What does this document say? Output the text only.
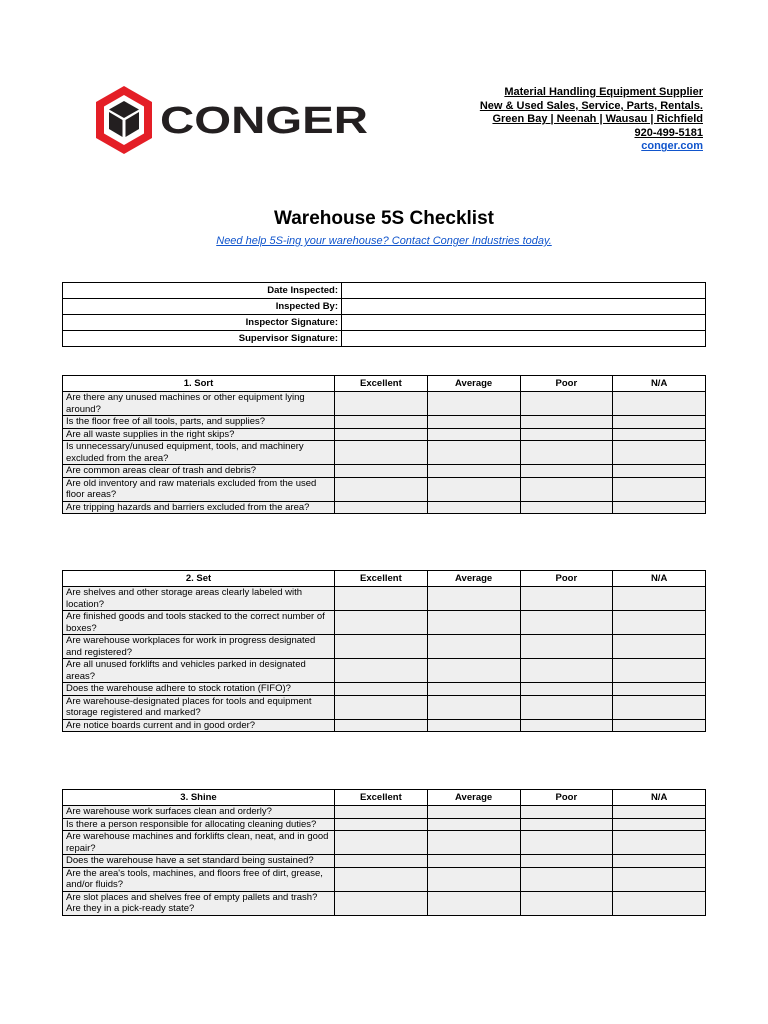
CONGER
Material Handling Equipment Supplier
New & Used Sales, Service, Parts, Rentals.
Green Bay | Neenah | Wausau | Richfield
920-499-5181
conger.com
Warehouse 5S Checklist
Need help 5S-ing your warehouse? Contact Conger Industries today.
Date Inspected:	
Inspected By:	
Inspector Signature:	
Supervisor Signature:	
1. Sort	Excellent	Average	Poor	N/A
Are there any unused machines or other equipment lying around?				
Is the floor free of all tools, parts, and supplies?				
Are all waste supplies in the right skips?				
Is unnecessary/unused equipment, tools, and machinery excluded from the area?				
Are common areas clear of trash and debris?				
Are old inventory and raw materials excluded from the used floor areas?				
Are tripping hazards and barriers excluded from the area?				
2. Set	Excellent	Average	Poor	N/A
Are shelves and other storage areas clearly labeled with location?				
Are finished goods and tools stacked to the correct number of boxes?				
Are warehouse workplaces for work in progress designated and registered?				
Are all unused forklifts and vehicles parked in designated areas?				
Does the warehouse adhere to stock rotation (FIFO)?				
Are warehouse-designated places for tools and equipment storage registered and marked?				
Are notice boards current and in good order?				
3. Shine	Excellent	Average	Poor	N/A
Are warehouse work surfaces clean and orderly?				
Is there a person responsible for allocating cleaning duties?				
Are warehouse machines and forklifts clean, neat, and in good repair?				
Does the warehouse have a set standard being sustained?				
Are the area's tools, machines, and floors free of dirt, grease, and/or fluids?				
Are slot places and shelves free of empty pallets and trash? Are they in a pick-ready state?				
